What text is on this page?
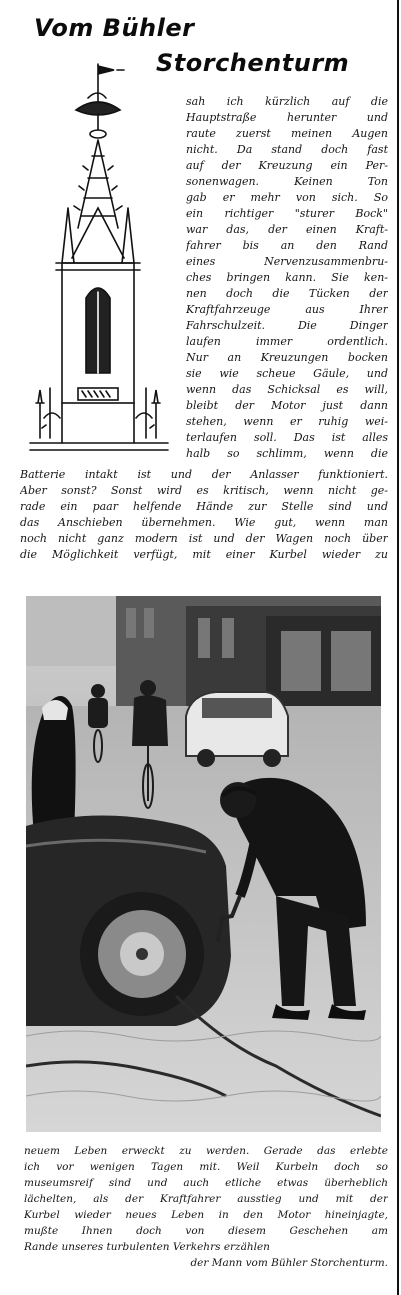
Vom Bühler
Storchenturm
sah ich kürzlich auf die
Hauptstraße herunter und
raute zuerst meinen Augen
nicht. Da stand doch fast
auf der Kreuzung ein Per-
sonenwagen. Keinen Ton
gab er mehr von sich. So
ein richtiger "sturer Bock"
war das, der einen Kraft-
fahrer bis an den Rand
eines Nervenzusammenbru-
ches bringen kann. Sie ken-
nen doch die Tücken der
Kraftfahrzeuge aus Ihrer
Fahrschulzeit. Die Dinger
laufen immer ordentlich.
Nur an Kreuzungen bocken
sie wie scheue Gäule, und
wenn das Schicksal es will,
bleibt der Motor just dann
stehen, wenn er ruhig wei-
terlaufen soll. Das ist alles
halb so schlimm, wenn die
Batterie intakt ist und der Anlasser funktioniert.
Aber sonst? Sonst wird es kritisch, wenn nicht ge-
rade ein paar helfende Hände zur Stelle sind und
das Anschieben übernehmen. Wie gut, wenn man
noch nicht ganz modern ist und der Wagen noch über
die Möglichkeit verfügt, mit einer Kurbel wieder zu
neuem Leben erweckt zu werden. Gerade das erlebte
ich vor wenigen Tagen mit. Weil Kurbeln doch so
museumsreif sind und auch etliche etwas überheblich
lächelten, als der Kraftfahrer ausstieg und mit der
Kurbel wieder neues Leben in den Motor hineinjagte,
mußte Ihnen doch von diesem Geschehen am
Rande unseres turbulenten Verkehrs erzählen
der Mann vom Bühler Storchenturm.
